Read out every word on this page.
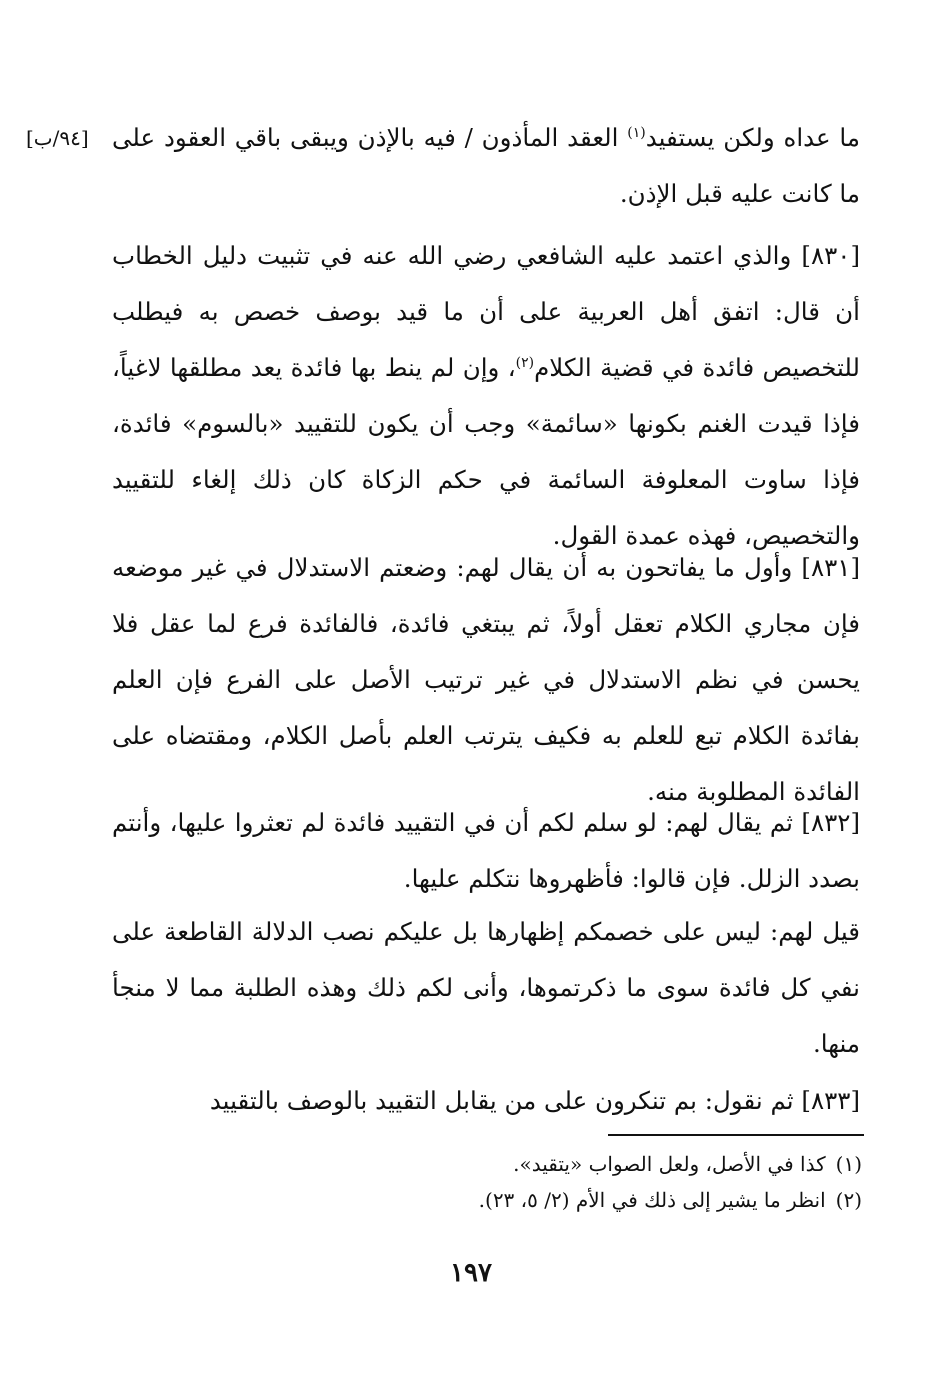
[٩٤/ب]	ما عداه ولكن يستفيد$^{(١)}$ العقد المأذون / فيه بالإذن ويبقى باقي العقود على ما كانت عليه قبل الإذن.
[٨٣٠] والذي اعتمد عليه الشافعي رضي الله عنه في تثبيت دليل الخطاب أن قال: اتفق أهل العربية على أن ما قيد بوصف خصص به فيطلب للتخصيص فائدة في قضية الكلام$^{(٢)}$، وإن لم ينط بها فائدة يعد مطلقها لاغياً، فإذا قيدت الغنم بكونها «سائمة» وجب أن يكون للتقييد «بالسوم» فائدة، فإذا ساوت المعلوفة السائمة في حكم الزكاة كان ذلك إلغاء للتقييد والتخصيص، فهذه عمدة القول.
[٨٣١] وأول ما يفاتحون به أن يقال لهم: وضعتم الاستدلال في غير موضعه فإن مجاري الكلام تعقل أولاً، ثم يبتغي فائدة، فالفائدة فرع لما عقل فلا يحسن في نظم الاستدلال في غير ترتيب الأصل على الفرع فإن العلم بفائدة الكلام تبع للعلم به فكيف يترتب العلم بأصل الكلام، ومقتضاه على الفائدة المطلوبة منه.
[٨٣٢] ثم يقال لهم: لو سلم لكم أن في التقييد فائدة لم تعثروا عليها، وأنتم بصدد الزلل. فإن قالوا: فأظهروها نتكلم عليها.
قيل لهم: ليس على خصمكم إظهارها بل عليكم نصب الدلالة القاطعة على نفي كل فائدة سوى ما ذكرتموها، وأنى لكم ذلك وهذه الطلبة مما لا منجأ منها.
[٨٣٣] ثم نقول: بم تنكرون على من يقابل التقييد بالوصف بالتقييد
(١)كذا في الأصل، ولعل الصواب «يتقيد».
(٢)انظر ما يشير إلى ذلك في الأم (٢/ ٥، ٢٣).
١٩٧
